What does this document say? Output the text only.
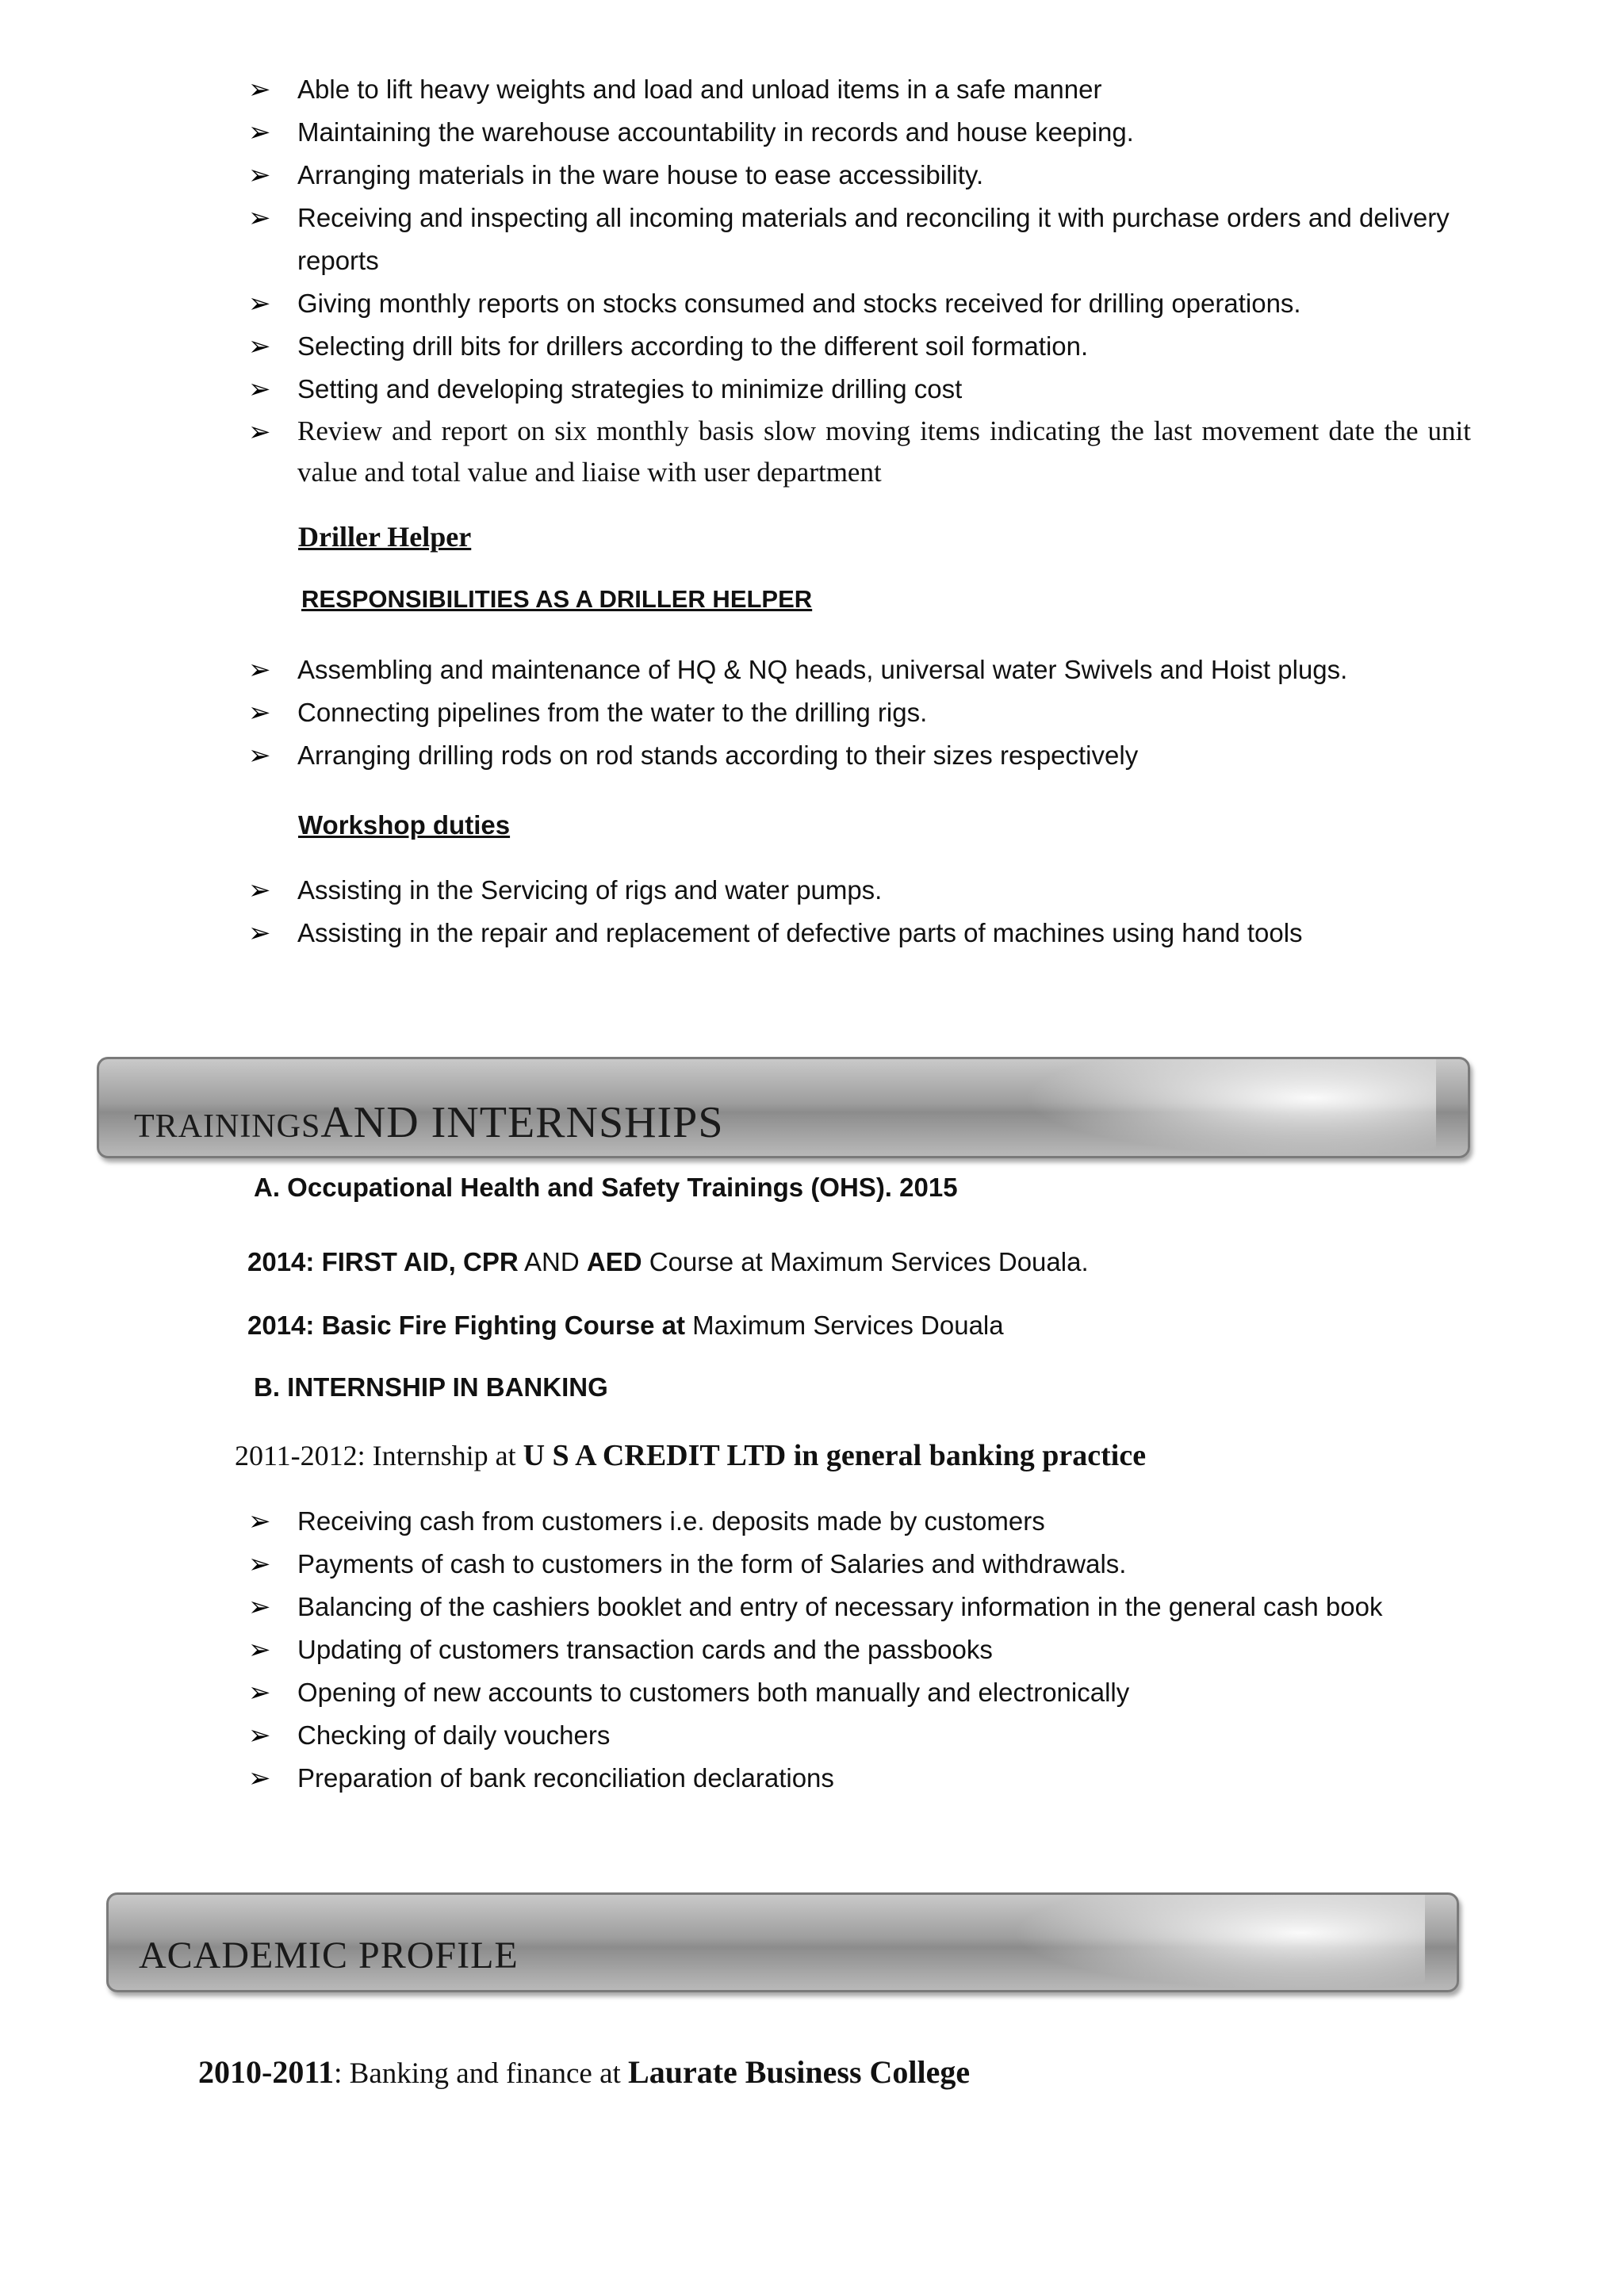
➢ Able to lift heavy weights and load and unload items in a safe manner
➢ Maintaining the warehouse accountability in records and house keeping.
➢ Arranging materials in the ware house to ease accessibility.
➢ Receiving and inspecting all incoming materials and reconciling it with purchase orders and delivery reports
➢ Giving monthly reports on stocks consumed and stocks received for drilling operations.
➢ Selecting drill bits for drillers according to the different soil formation.
➢ Setting and developing strategies to minimize drilling cost
➢ Review and report on six monthly basis slow moving items indicating the last movement date the unit value and total value and liaise with user department
Driller Helper
RESPONSIBILITIES AS A DRILLER HELPER
➢ Assembling and maintenance of HQ & NQ heads, universal water Swivels and Hoist plugs.
➢ Connecting pipelines from the water to the drilling rigs.
➢ Arranging drilling rods on rod stands according to their sizes respectively
Workshop duties
➢ Assisting in the Servicing of rigs and water pumps.
➢ Assisting in the repair and replacement of defective parts of machines using hand tools
TRAININGSAND INTERNSHIPS
A. Occupational Health and Safety Trainings (OHS). 2015
2014: FIRST AID, CPR AND AED Course at Maximum Services Douala.
2014: Basic Fire Fighting Course at Maximum Services Douala
B. INTERNSHIP IN BANKING
2011-2012: Internship at U S A CREDIT LTD in general banking practice
➢ Receiving cash from customers i.e. deposits made by customers
➢ Payments of cash to customers in the form of Salaries and withdrawals.
➢ Balancing of the cashiers booklet and entry of necessary information in the general cash book
➢ Updating of customers transaction cards and the passbooks
➢ Opening of new accounts to customers both manually and electronically
➢ Checking of daily vouchers
➢ Preparation of bank reconciliation declarations
ACADEMIC PROFILE
2010-2011: Banking and finance at Laurate Business College
